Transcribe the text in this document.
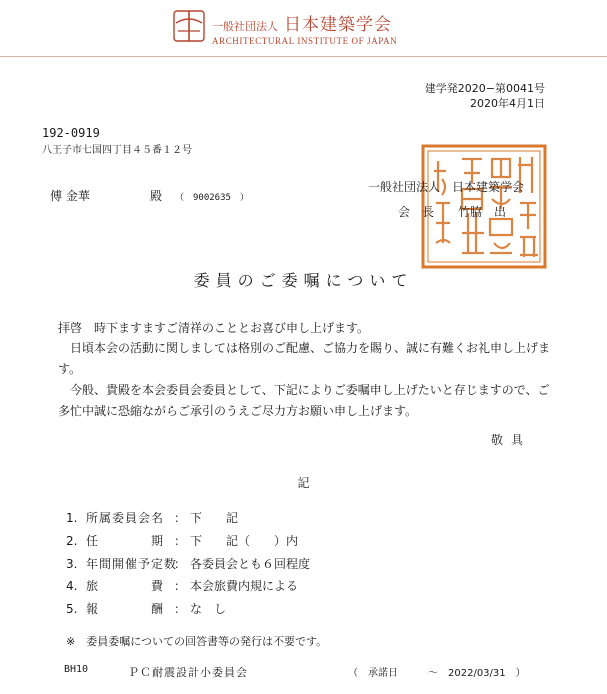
一般社団法人 日本建築学会
ARCHITECTURAL INSTITUTE OF JAPAN
建学発2020−第0041号
2020年4月1日
192-0919
八王子市七国四丁目４５番１２号
傅 金華	殿 （　9002635　）
一般社団法人　日本建築学会
会　長 竹脇　出
委員のご委嘱について
拝啓　時下ますますご清祥のこととお喜び申し上げます。
日頃本会の活動に関しましては格別のご配慮、ご協力を賜り、誠に有難くお礼申し上げます。
今般、貴殿を本会委員会委員として、下記によりご委嘱申し上げたいと存じますので、ご多忙中誠に恐縮ながらご承引のうえご尽力方お願い申し上げます。
敬具
記
1. 所属委員会名 ： 下　　記
2. 任　　　　期 ： 下　　記（　　）内
3. 年間開催予定数： 各委員会とも６回程度
4. 旅　　　　費 ： 本会旅費内規による
5. 報　　　　酬 ： な　し
※　委員委嘱についての回答書等の発行は不要です。
BH10	ＰＣ耐震設計小委員会	（　承諾日　　　～　2022/03/31　）
